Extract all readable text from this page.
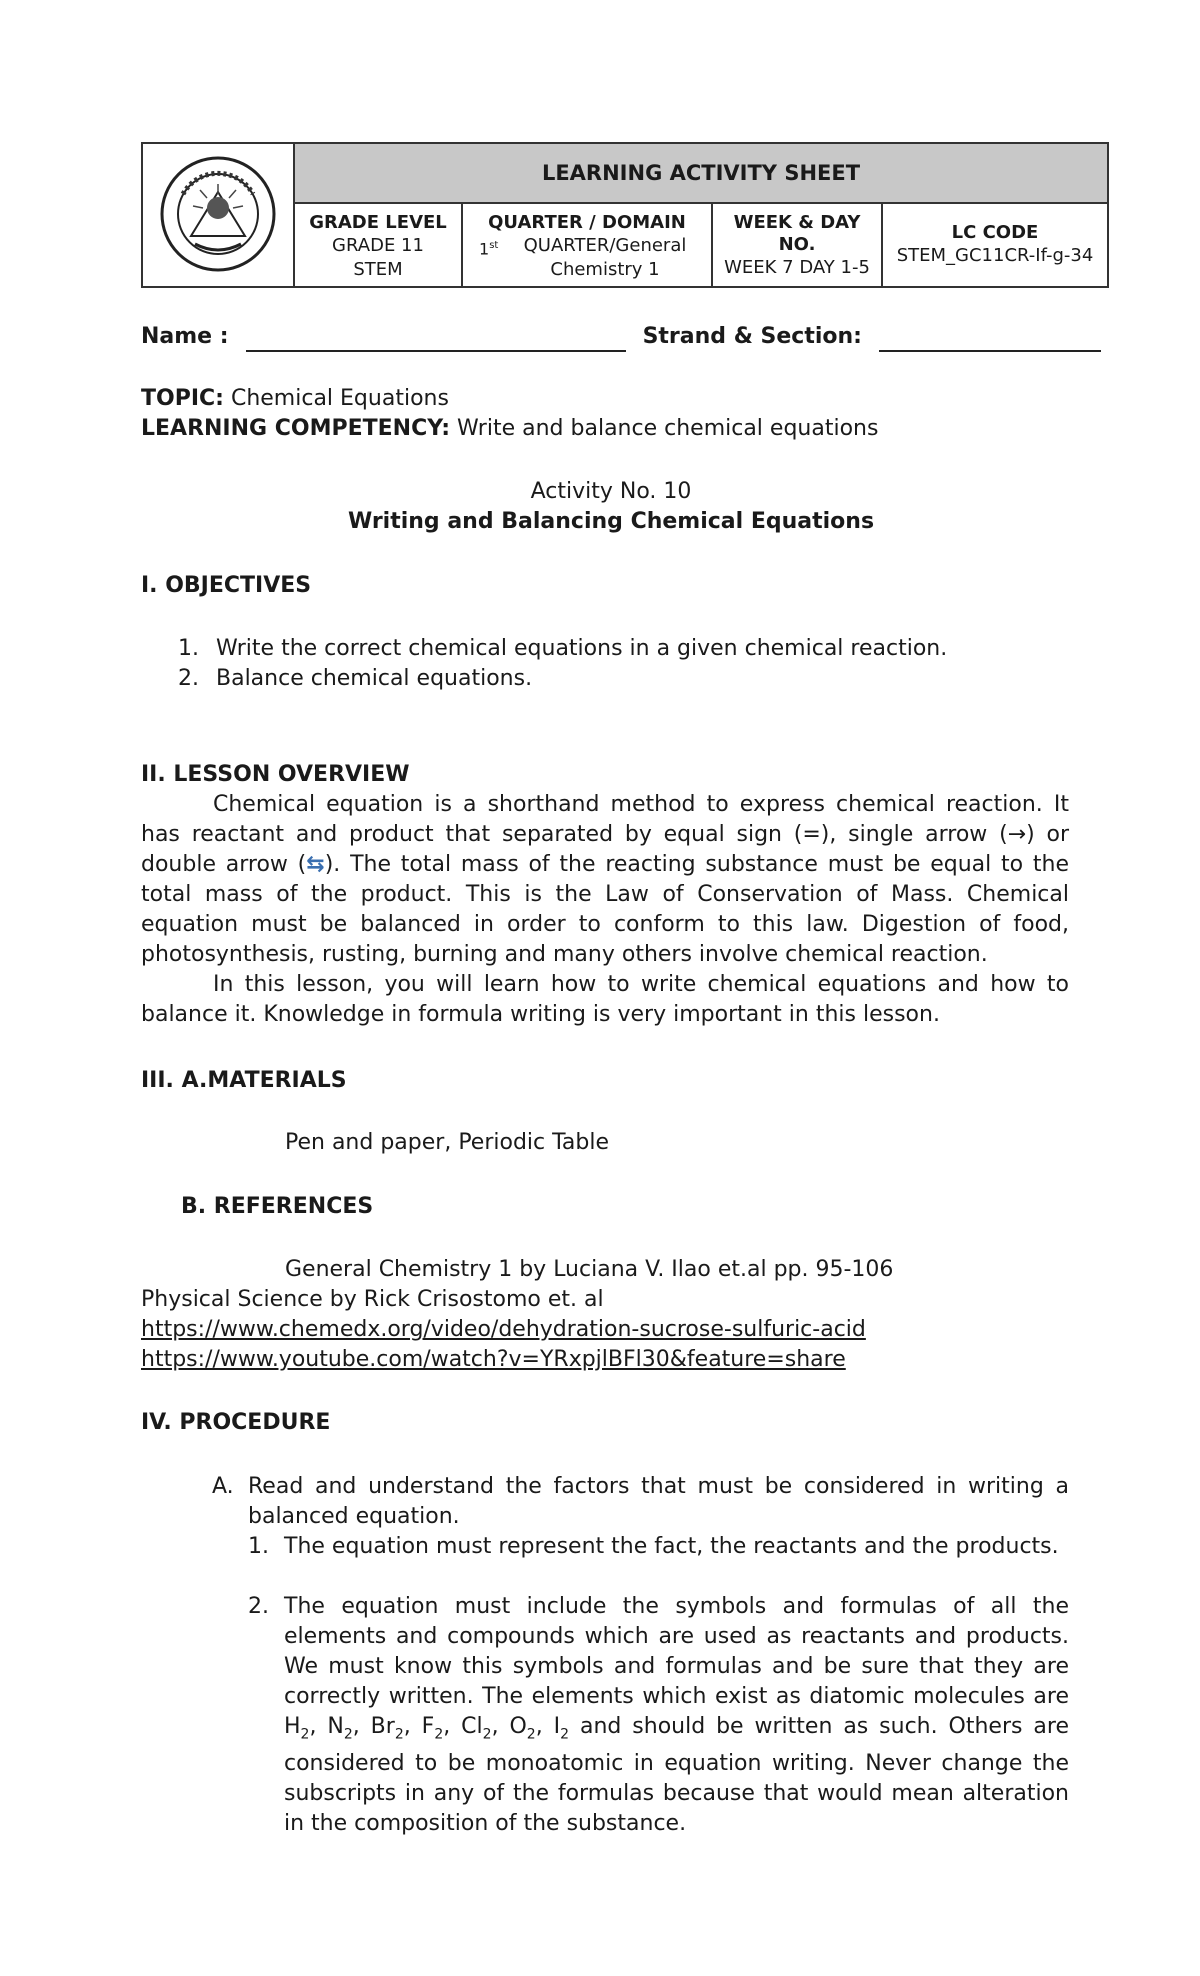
LEARNING ACTIVITY SHEET
GRADE LEVEL
GRADE 11
STEM
QUARTER / DOMAIN
1st QUARTER/General
Chemistry 1
WEEK & DAY
NO.
WEEK 7 DAY 1-5
LC CODE
STEM_GC11CR-If-g-34
Name :	Strand & Section:
TOPIC: Chemical Equations
LEARNING COMPETENCY: Write and balance chemical equations
Activity No. 10
Writing and Balancing Chemical Equations
I. OBJECTIVES
1. Write the correct chemical equations in a given chemical reaction.
2. Balance chemical equations.
II. LESSON OVERVIEW
Chemical equation is a shorthand method to express chemical reaction. It has reactant and product that separated by equal sign (=), single arrow (→) or double arrow (⇆). The total mass of the reacting substance must be equal to the total mass of the product. This is the Law of Conservation of Mass. Chemical equation must be balanced in order to conform to this law. Digestion of food, photosynthesis, rusting, burning and many others involve chemical reaction.
In this lesson, you will learn how to write chemical equations and how to balance it. Knowledge in formula writing is very important in this lesson.
III. A.MATERIALS
Pen and paper, Periodic Table
B. REFERENCES
General Chemistry 1 by Luciana V. Ilao et.al pp. 95-106
Physical Science by Rick Crisostomo et. al
https://www.chemedx.org/video/dehydration-sucrose-sulfuric-acid
https://www.youtube.com/watch?v=YRxpjlBFl30&feature=share
IV. PROCEDURE
A. Read and understand the factors that must be considered in writing a balanced equation.
1. The equation must represent the fact, the reactants and the products.
2. The equation must include the symbols and formulas of all the elements and compounds which are used as reactants and products. We must know this symbols and formulas and be sure that they are correctly written. The elements which exist as diatomic molecules are $H_2$, $N_2$, $Br_2$, $F_2$, $Cl_2$, $O_2$, $I_2$ and should be written as such. Others are considered to be monoatomic in equation writing. Never change the subscripts in any of the formulas because that would mean alteration in the composition of the substance.
